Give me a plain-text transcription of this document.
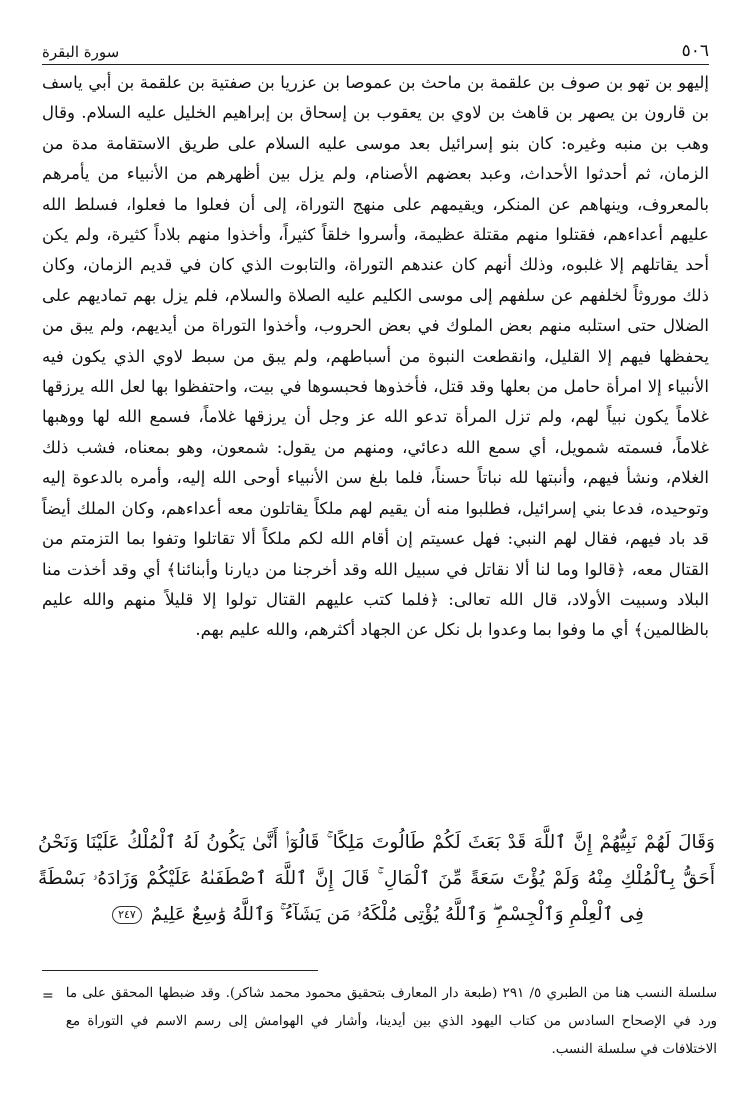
٥٠٦
سورة البقرة

إليهو بن تهو بن صوف بن علقمة بن ماحث بن عموصا بن عزريا بن صفتية بن علقمة بن أبي ياسف بن قارون بن يصهر بن قاهث بن لاوي بن يعقوب بن إسحاق بن إبراهيم الخليل عليه السلام. وقال وهب بن منبه وغيره: كان بنو إسرائيل بعد موسى عليه السلام على طريق الاستقامة مدة من الزمان، ثم أحدثوا الأحداث، وعبد بعضهم الأصنام، ولم يزل بين أظهرهم من الأنبياء من يأمرهم بالمعروف، وينهاهم عن المنكر، ويقيمهم على منهج التوراة، إلى أن فعلوا ما فعلوا، فسلط الله عليهم أعداءهم، فقتلوا منهم مقتلة عظيمة، وأسروا خلقاً كثيراً، وأخذوا منهم بلاداً كثيرة، ولم يكن أحد يقاتلهم إلا غلبوه، وذلك أنهم كان عندهم التوراة، والتابوت الذي كان في قديم الزمان، وكان ذلك موروثاً لخلفهم عن سلفهم إلى موسى الكليم عليه الصلاة والسلام، فلم يزل بهم تماديهم على الضلال حتى استلبه منهم بعض الملوك في بعض الحروب، وأخذوا التوراة من أيديهم، ولم يبق من يحفظها فيهم إلا القليل، وانقطعت النبوة من أسباطهم، ولم يبق من سبط لاوي الذي يكون فيه الأنبياء إلا امرأة حامل من بعلها وقد قتل، فأخذوها فحبسوها في بيت، واحتفظوا بها لعل الله يرزقها غلاماً يكون نبياً لهم، ولم تزل المرأة تدعو الله عز وجل أن يرزقها غلاماً، فسمع الله لها ووهبها غلاماً، فسمته شمويل، أي سمع الله دعائي، ومنهم من يقول: شمعون، وهو بمعناه، فشب ذلك الغلام، ونشأ فيهم، وأنبتها لله نباتاً حسناً، فلما بلغ سن الأنبياء أوحى الله إليه، وأمره بالدعوة إليه وتوحيده، فدعا بني إسرائيل، فطلبوا منه أن يقيم لهم ملكاً يقاتلون معه أعداءهم، وكان الملك أيضاً قد باد فيهم، فقال لهم النبي: فهل عسيتم إن أقام الله لكم ملكاً ألا تقاتلوا وتفوا بما التزمتم من القتال معه، ﴿قالوا وما لنا ألا نقاتل في سبيل الله وقد أخرجنا من ديارنا وأبنائنا﴾ أي وقد أخذت منا البلاد وسبيت الأولاد، قال الله تعالى: ﴿فلما كتب عليهم القتال تولوا إلا قليلاً منهم والله عليم بالظالمين﴾ أي ما وفوا بما وعدوا بل نكل عن الجهاد أكثرهم، والله عليم بهم.

وَقَالَ لَهُمْ نَبِيُّهُمْ إِنَّ ٱللَّهَ قَدْ بَعَثَ لَكُمْ طَالُوتَ مَلِكًا ۚ قَالُوٓا۟ أَنَّىٰ يَكُونُ لَهُ ٱلْمُلْكُ عَلَيْنَا وَنَحْنُ أَحَقُّ بِٱلْمُلْكِ مِنْهُ وَلَمْ يُؤْتَ سَعَةً مِّنَ ٱلْمَالِ ۚ قَالَ إِنَّ ٱللَّهَ ٱصْطَفَىٰهُ عَلَيْكُمْ وَزَادَهُۥ بَسْطَةً فِى ٱلْعِلْمِ وَٱلْجِسْمِ ۖ وَٱللَّهُ يُؤْتِى مُلْكَهُۥ مَن يَشَآءُ ۚ وَٱللَّهُ وَٰسِعٌ عَلِيمٌ ٢٤٧
سلسلة النسب هنا من الطبري ٥/ ٢٩١ (طبعة دار المعارف بتحقيق محمود محمد شاكر). وقد ضبطها المحقق على ما ورد في الإصحاح السادس من كتاب اليهود الذي بين أيدينا، وأشار في الهوامش إلى رسم الاسم في التوراة مع الاختلافات في سلسلة النسب.
=
